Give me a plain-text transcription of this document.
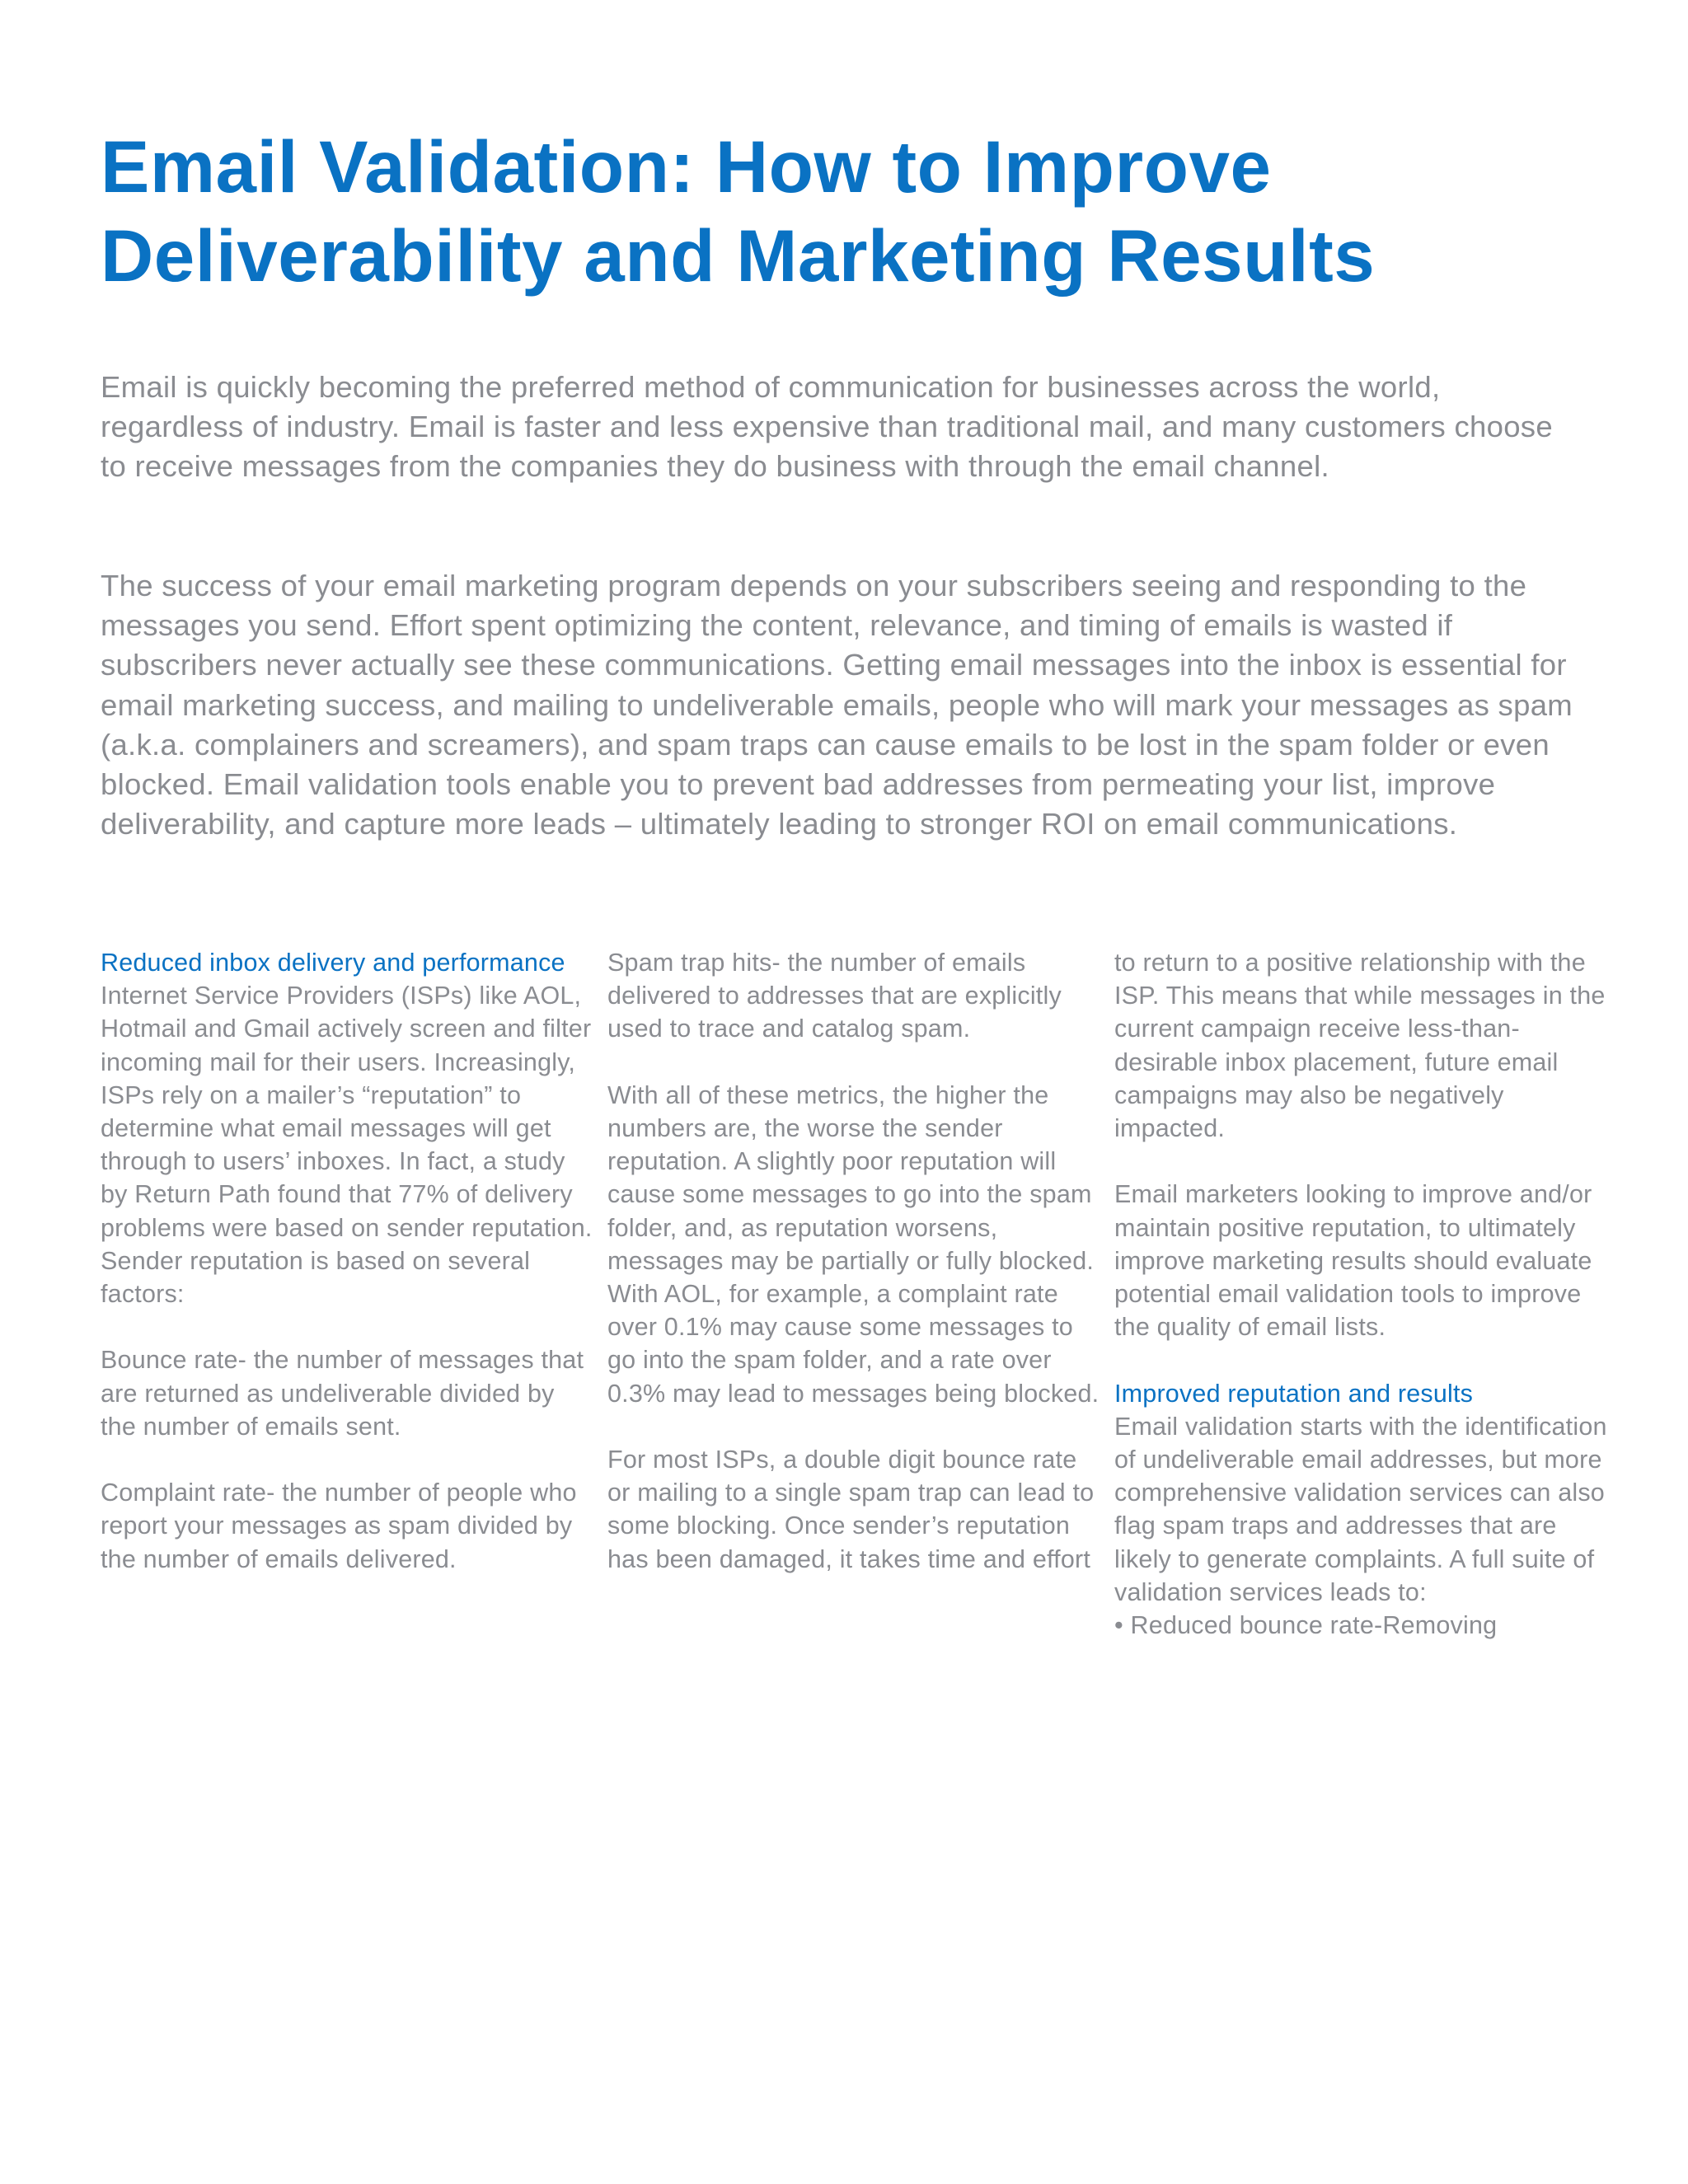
Email Validation: How to Improve
Deliverability and Marketing Results

Email is quickly becoming the preferred method of communication for businesses across the world, regardless of industry. Email is faster and less expensive than traditional mail, and many customers choose to receive messages from the companies they do business with through the email channel.

The success of your email marketing program depends on your subscribers seeing and responding to the messages you send. Effort spent optimizing the content, relevance, and timing of emails is wasted if subscribers never actually see these communications. Getting email messages into the inbox is essential for email marketing success, and mailing to undeliverable emails, people who will mark your messages as spam (a.k.a. complainers and screamers), and spam traps can cause emails to be lost in the spam folder or even blocked. Email validation tools enable you to prevent bad addresses from permeating your list, improve deliverability, and capture more leads – ultimately leading to stronger ROI on email communications.

Reduced inbox delivery and performance

Internet Service Providers (ISPs) like AOL, Hotmail and Gmail actively screen and filter incoming mail for their users. Increasingly, ISPs rely on a mailer’s “reputation” to determine what email messages will get through to users’ inboxes. In fact, a study by Return Path found that 77% of delivery problems were based on sender reputation. Sender reputation is based on several factors:

Bounce rate- the number of messages that are returned as undeliverable divided by the number of emails sent.

Complaint rate- the number of people who report your messages as spam divided by the number of emails delivered.

Spam trap hits- the number of emails delivered to addresses that are explicitly used to trace and catalog spam.

With all of these metrics, the higher the numbers are, the worse the sender reputation. A slightly poor reputation will cause some messages to go into the spam folder, and, as reputation worsens, messages may be partially or fully blocked. With AOL, for example, a complaint rate over 0.1% may cause some messages to go into the spam folder, and a rate over 0.3% may lead to messages being blocked.

For most ISPs, a double digit bounce rate or mailing to a single spam trap can lead to some blocking. Once sender’s reputation has been damaged, it takes time and effort

to return to a positive relationship with the ISP. This means that while messages in the current campaign receive less-than-desirable inbox placement, future email campaigns may also be negatively impacted.

Email marketers looking to improve and/or maintain positive reputation, to ultimately improve marketing results should evaluate potential email validation tools to improve the quality of email lists.

Improved reputation and results

Email validation starts with the identification of undeliverable email addresses, but more comprehensive validation services can also flag spam traps and addresses that are likely to generate complaints. A full suite of validation services leads to:

• Reduced bounce rate-Removing
